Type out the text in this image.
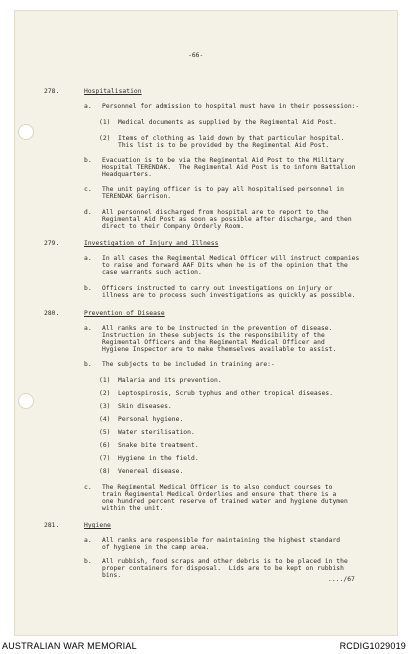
-66-
278.	Hospitalisation
a. Personnel for admission to hospital must have in their possession:-
(1) Medical documents as supplied by the Regimental Aid Post.
(2) Items of clothing as laid down by that particular hospital.
This list is to be provided by the Regimental Aid Post.
b. Evacuation is to be via the Regimental Aid Post to the Military
Hospital TERENDAK.  The Regimental Aid Post is to inform Battalion
Headquarters.
c. The unit paying officer is to pay all hospitalised personnel in
TERENDAK Garrison.
d. All personnel discharged from hospital are to report to the
Regimental Aid Post as soon as possible after discharge, and then
direct to their Company Orderly Room.
279.	Investigation of Injury and Illness
a. In all cases the Regimental Medical Officer will instruct companies
to raise and forward AAF Dits when he is of the opinion that the
case warrants such action.
b. Officers instructed to carry out investigations on injury or
illness are to process such investigations as quickly as possible.
280.	Prevention of Disease
a. All ranks are to be instructed in the prevention of disease.
Instruction in these subjects is the responsibility of the
Regimental Officers and the Regimental Medical Officer and
Hygiene Inspector are to make themselves available to assist.
b. The subjects to be included in training are:-
(1) Malaria and its prevention.
(2) Leptospirosis, Scrub typhus and other tropical diseases.
(3) Skin diseases.
(4) Personal hygiene.
(5) Water sterilisation.
(6) Snake bite treatment.
(7) Hygiene in the field.
(8) Venereal disease.
c. The Regimental Medical Officer is to also conduct courses to
train Regimental Medical Orderlies and ensure that there is a
one hundred percent reserve of trained water and hygiene dutymen
within the unit.
281.	Hygiene
a. All ranks are responsible for maintaining the highest standard
of hygiene in the camp area.
b. All rubbish, food scraps and other debris is to be placed in the
proper containers for disposal.  Lids are to be kept on rubbish
bins.
..../67
AUSTRALIAN WAR MEMORIAL	RCDIG1029019
